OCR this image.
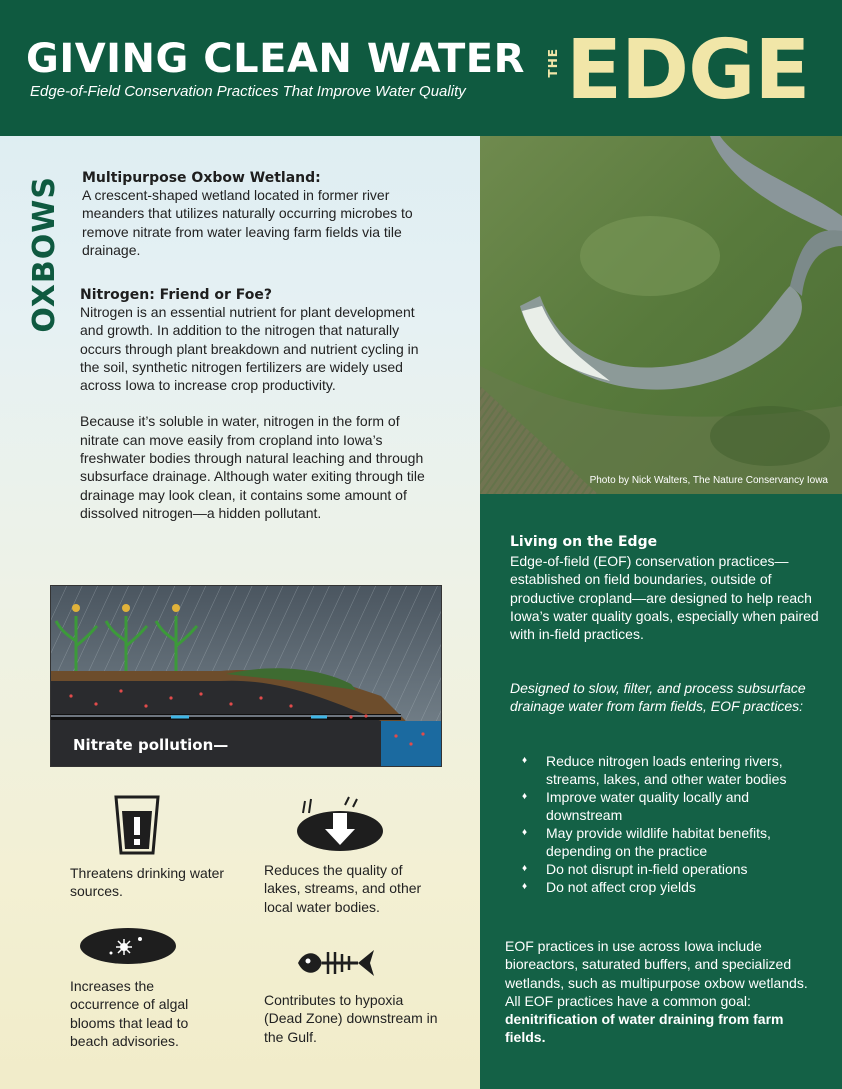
GIVING CLEAN WATER
Edge-of-Field Conservation Practices That Improve Water Quality
THE EDGE
OXBOWS Multipurpose Oxbow Wetland:
A crescent-shaped wetland located in former river meanders that utilizes naturally occurring microbes to remove nitrate from water leaving farm fields via tile drainage.
Nitrogen: Friend or Foe?
Nitrogen is an essential nutrient for plant development and growth. In addition to the nitrogen that naturally occurs through plant breakdown and nutrient cycling in the soil, synthetic nitrogen fertilizers are widely used across Iowa to increase crop productivity.
Because it’s soluble in water, nitrogen in the form of nitrate can move easily from cropland into Iowa’s freshwater bodies through natural leaching and through subsurface drainage. Although water exiting through tile drainage may look clean, it contains some amount of dissolved nitrogen—a hidden pollutant.
Photo by Nick Walters, The Nature Conservancy Iowa
Living on the Edge
Edge-of-field (EOF) conservation practices—established on field boundaries, outside of productive cropland—are designed to help reach Iowa’s water quality goals, especially when paired with in-field practices.
Designed to slow, filter, and process subsurface drainage water from farm fields, EOF practices:
♦ Reduce nitrogen loads entering rivers, streams, lakes, and other water bodies
♦ Improve water quality locally and downstream
♦ May provide wildlife habitat benefits, depending on the practice
♦ Do not disrupt in-field operations
♦ Do not affect crop yields
EOF practices in use across Iowa include bioreactors, saturated buffers, and specialized wetlands, such as multipurpose oxbow wetlands. All EOF practices have a common goal: denitrification of water draining from farm fields.
Nitrate pollution—
Threatens drinking water sources.
Reduces the quality of lakes, streams, and other local water bodies.
Increases the occurrence of algal blooms that lead to beach advisories.
Contributes to hypoxia (Dead Zone) downstream in the Gulf.
